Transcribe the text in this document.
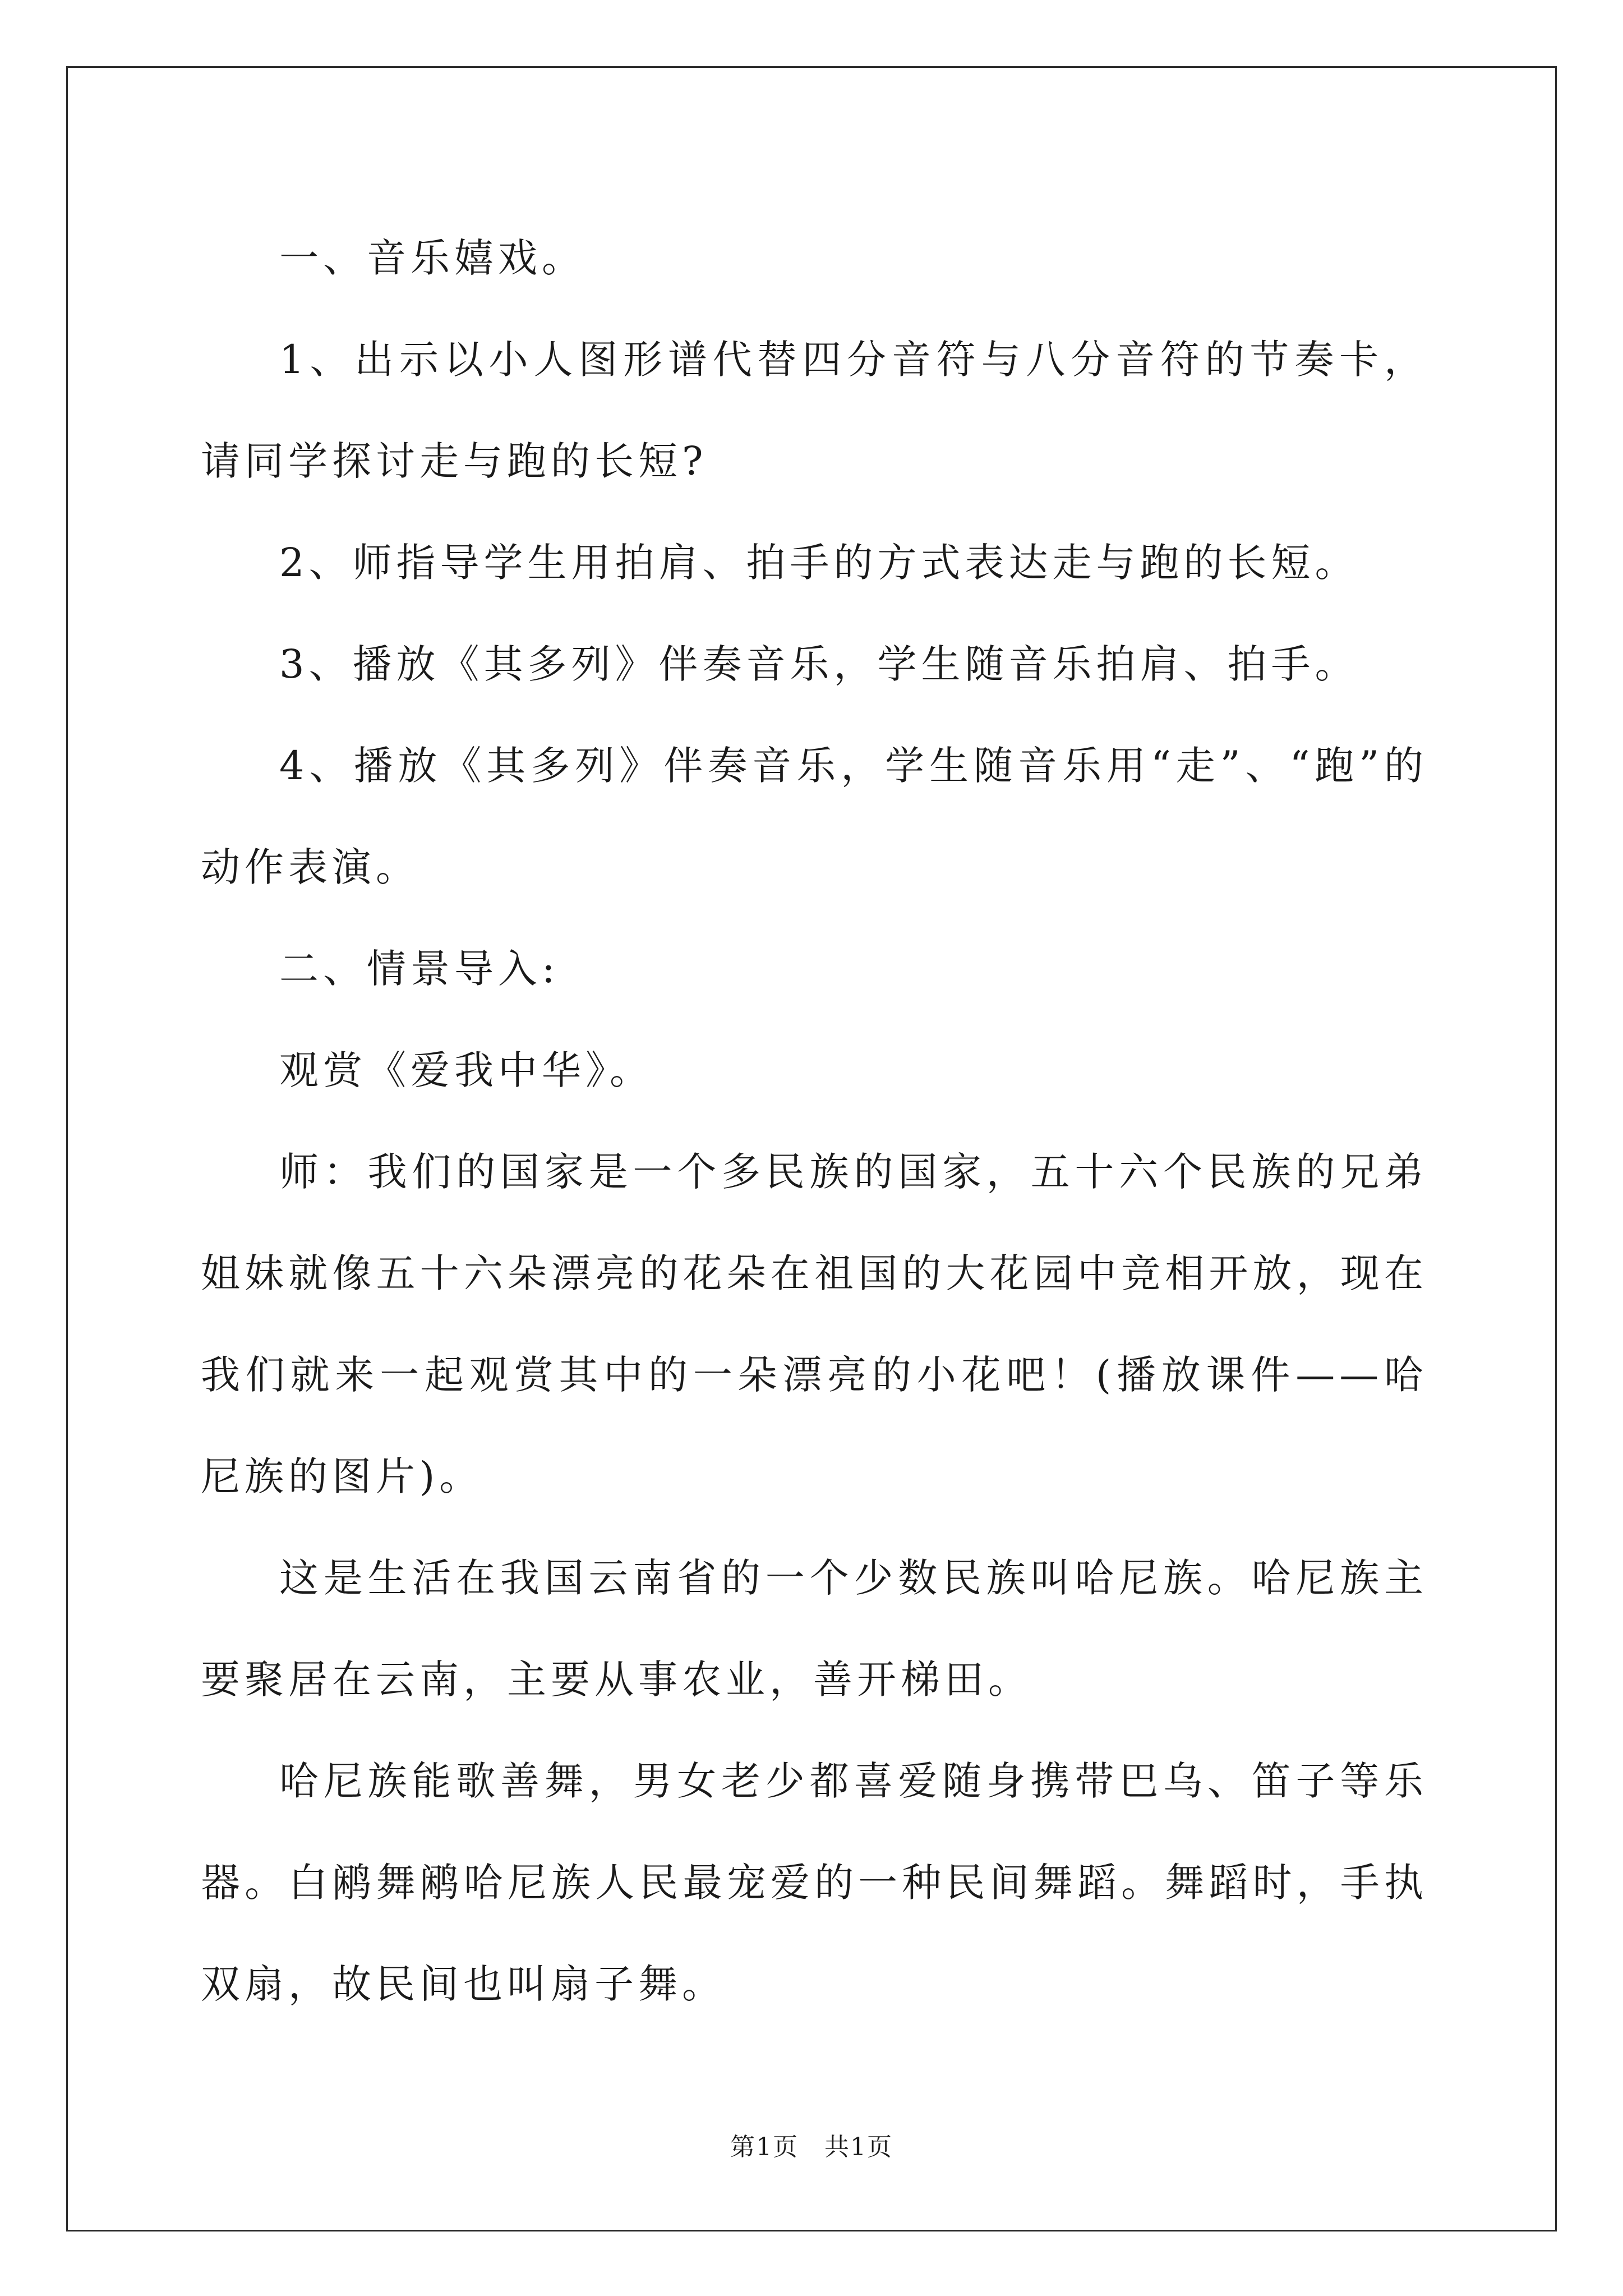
一、音乐嬉戏。

1、出示以小人图形谱代替四分音符与八分音符的节奏卡，请同学探讨走与跑的长短?

2、师指导学生用拍肩、拍手的方式表达走与跑的长短。

3、播放《其多列》伴奏音乐，学生随音乐拍肩、拍手。

4、播放《其多列》伴奏音乐，学生随音乐用“走”、“跑”的动作表演。

二、情景导入:

观赏《爱我中华》。

师：我们的国家是一个多民族的国家，五十六个民族的兄弟姐妹就像五十六朵漂亮的花朵在祖国的大花园中竞相开放，现在我们就来一起观赏其中的一朵漂亮的小花吧！(播放课件——哈尼族的图片)。

这是生活在我国云南省的一个少数民族叫哈尼族。哈尼族主要聚居在云南，主要从事农业，善开梯田。

哈尼族能歌善舞，男女老少都喜爱随身携带巴乌、笛子等乐器。白鹇舞鹇哈尼族人民最宠爱的一种民间舞蹈。舞蹈时，手执双扇，故民间也叫扇子舞。

第1页　共1页
